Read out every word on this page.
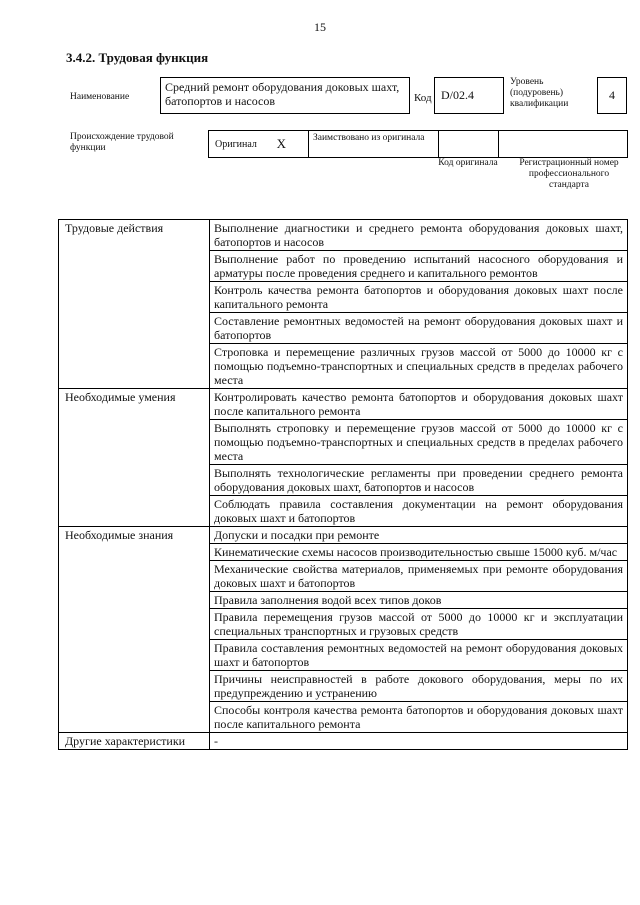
15
3.4.2. Трудовая функция
Наименование
Средний ремонт оборудования доковых шахт, батопортов и насосов	Код D/02.4
Уровень (подуровень) квалификации
4
Происхождение трудовой функции	Оригинал X	Заимствовано из оригинала
Код оригинала	Регистрационный номер профессионального стандарта
Трудовые действия	Выполнение диагностики и среднего ремонта оборудования доковых шахт, батопортов и насосов
	Выполнение работ по проведению испытаний насосного оборудования и арматуры после проведения среднего и капитального ремонтов
	Контроль качества ремонта батопортов и оборудования доковых шахт после капитального ремонта
	Составление ремонтных ведомостей на ремонт оборудования доковых шахт и батопортов
	Строповка и перемещение различных грузов массой от 5000 до 10000 кг с помощью подъемно-транспортных и специальных средств в пределах рабочего места
Необходимые умения	Контролировать качество ремонта батопортов и оборудования доковых шахт после капитального ремонта
	Выполнять строповку и перемещение грузов массой от 5000 до 10000 кг с помощью подъемно-транспортных и специальных средств в пределах рабочего места
	Выполнять технологические регламенты при проведении среднего ремонта оборудования доковых шахт, батопортов и насосов
	Соблюдать правила составления документации на ремонт оборудования доковых шахт и батопортов
Необходимые знания	Допуски и посадки при ремонте
	Кинематические схемы насосов производительностью свыше 15000 куб. м/час
	Механические свойства материалов, применяемых при ремонте оборудования доковых шахт и батопортов
	Правила заполнения водой всех типов доков
	Правила перемещения грузов массой от 5000 до 10000 кг и эксплуатации специальных транспортных и грузовых средств
	Правила составления ремонтных ведомостей на ремонт оборудования доковых шахт и батопортов
	Причины неисправностей в работе докового оборудования, меры по их предупреждению и устранению
	Способы контроля качества ремонта батопортов и оборудования доковых шахт после капитального ремонта
Другие характеристики	-
